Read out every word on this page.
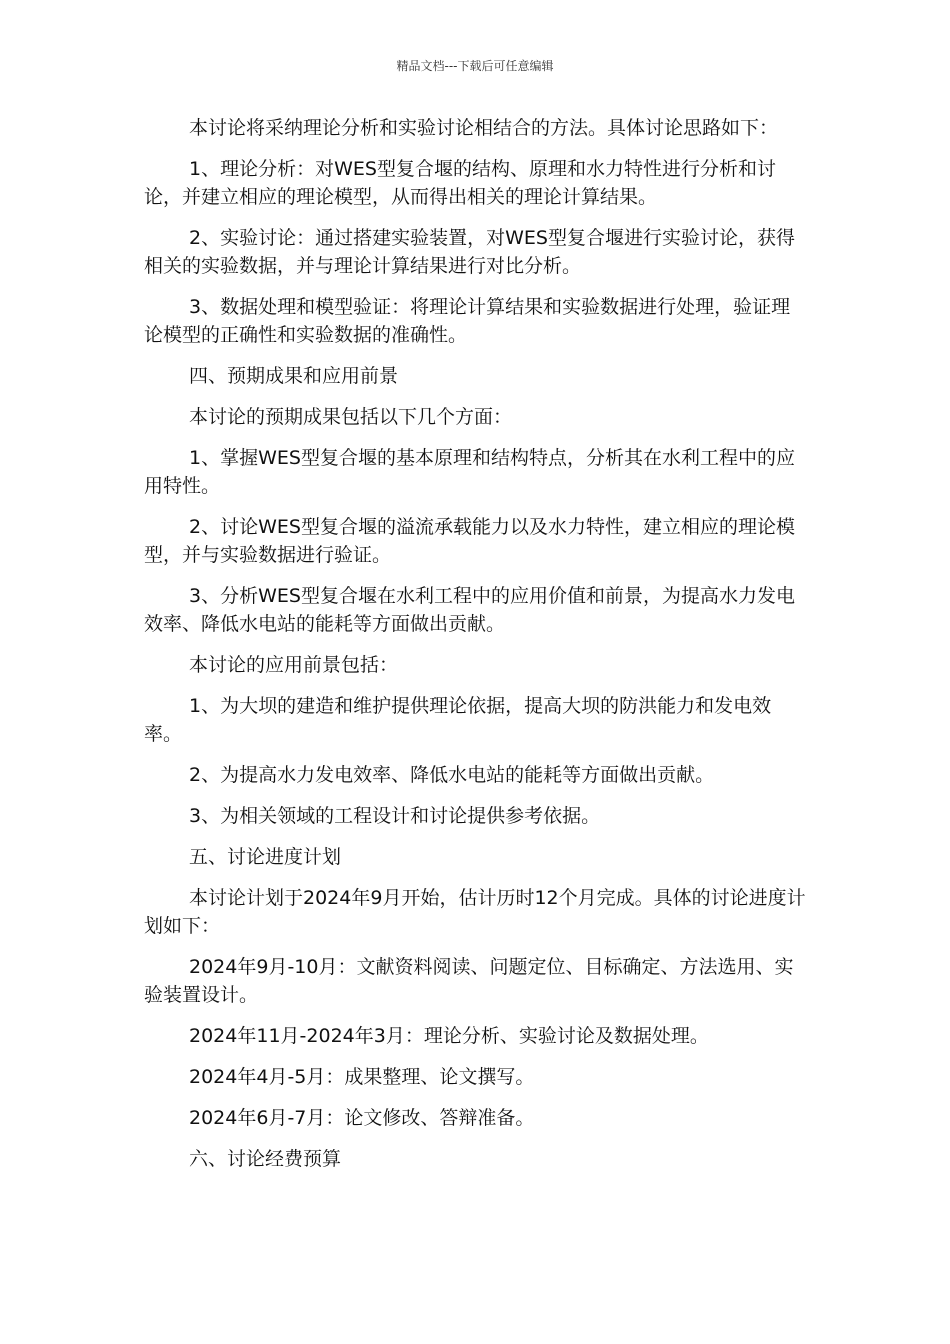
精品文档---下载后可任意编辑

本讨论将采纳理论分析和实验讨论相结合的方法。具体讨论思路如下：

1、理论分析：对WES型复合堰的结构、原理和水力特性进行分析和讨论，并建立相应的理论模型，从而得出相关的理论计算结果。

2、实验讨论：通过搭建实验装置，对WES型复合堰进行实验讨论，获得相关的实验数据，并与理论计算结果进行对比分析。

3、数据处理和模型验证：将理论计算结果和实验数据进行处理，验证理论模型的正确性和实验数据的准确性。

四、预期成果和应用前景

本讨论的预期成果包括以下几个方面：

1、掌握WES型复合堰的基本原理和结构特点，分析其在水利工程中的应用特性。

2、讨论WES型复合堰的溢流承载能力以及水力特性，建立相应的理论模型，并与实验数据进行验证。

3、分析WES型复合堰在水利工程中的应用价值和前景，为提高水力发电效率、降低水电站的能耗等方面做出贡献。

本讨论的应用前景包括：

1、为大坝的建造和维护提供理论依据，提高大坝的防洪能力和发电效率。

2、为提高水力发电效率、降低水电站的能耗等方面做出贡献。

3、为相关领域的工程设计和讨论提供参考依据。

五、讨论进度计划

本讨论计划于2024年9月开始，估计历时12个月完成。具体的讨论进度计划如下：

2024年9月-10月：文献资料阅读、问题定位、目标确定、方法选用、实验装置设计。

2024年11月-2024年3月：理论分析、实验讨论及数据处理。

2024年4月-5月：成果整理、论文撰写。

2024年6月-7月：论文修改、答辩准备。

六、讨论经费预算
